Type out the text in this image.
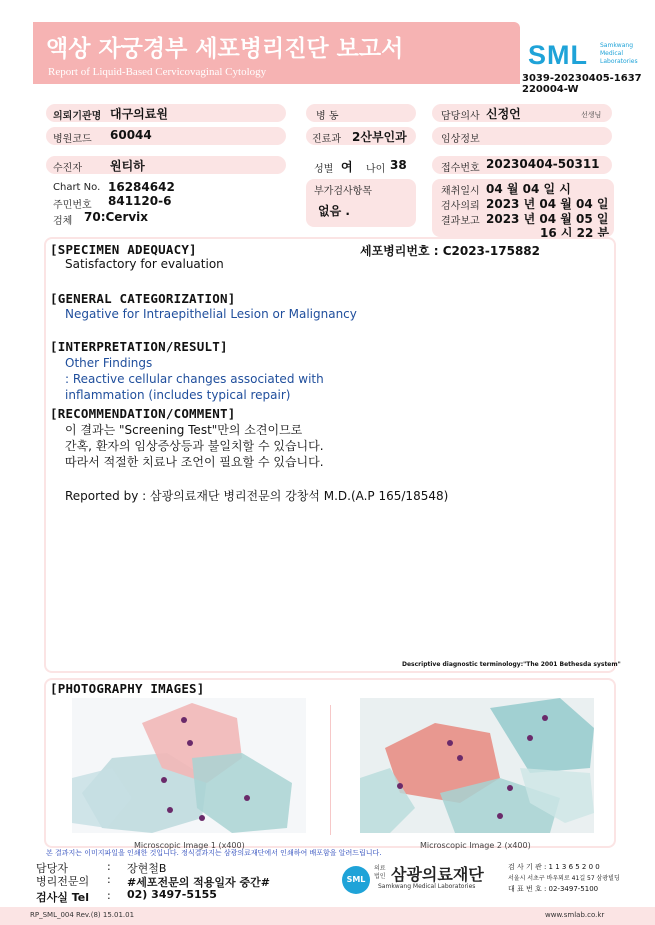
액상 자궁경부 세포병리진단 보고서
Report of Liquid-Based Cervicovaginal Cytology
SML Samkwang
Medical
Laboratories
3039-20230405-1637
220004-W
의뢰기관명 대구의료원	병 동	담당의사 신정언	선생님
병원코드 60044	진료과 2산부인과	임상정보
수진자 원티하	성별 여 나이 38	접수번호 20230404-50311
Chart No. 16284642
주민번호 841120-6
검체 70:Cervix
부가검사항목
없음 .
채취일시 04 월 04 일 시
검사의뢰 2023 년 04 월 04 일
결과보고 2023 년 04 월 05 일
16 시 22 분
[SPECIMEN ADEQUACY]	세포병리번호 : C2023-175882
Satisfactory for evaluation
[GENERAL CATEGORIZATION]
Negative for Intraepithelial Lesion or Malignancy
[INTERPRETATION/RESULT]
Other Findings
: Reactive cellular changes associated with
inflammation (includes typical repair)
[RECOMMENDATION/COMMENT]
이 결과는 "Screening Test"만의 소견이므로
간혹, 환자의 임상증상등과 불일치할 수 있습니다.
따라서 적절한 치료나 조언이 필요할 수 있습니다.
Reported by : 삼광의료재단 병리전문의 강창석 M.D.(A.P 165/18548)
Descriptive diagnostic terminology:"The 2001 Bethesda system"
[PHOTOGRAPHY IMAGES]
Microscopic Image 1 (x400)	Microscopic Image 2 (x400)
본 결과지는 이미지파일을 인쇄한 것입니다. 정식결과지는 삼광의료재단에서 인쇄하여 배포함을 알려드립니다.
담당자	: 장현철B
병리전문의 : #세포전문의 적용일자 중간#
검사실 Tel : 02) 3497-5155
SML
의료
법인 삼광의료재단
Samkwang Medical Laboratories
검 사 기 관 : 1 1 3 6 5 2 0 0
서울시 서초구 바우뫼로 41길 57 삼광빌딩
대 표 번 호 : 02-3497-5100
RP_SML_004 Rev.(8) 15.01.01	www.smlab.co.kr
